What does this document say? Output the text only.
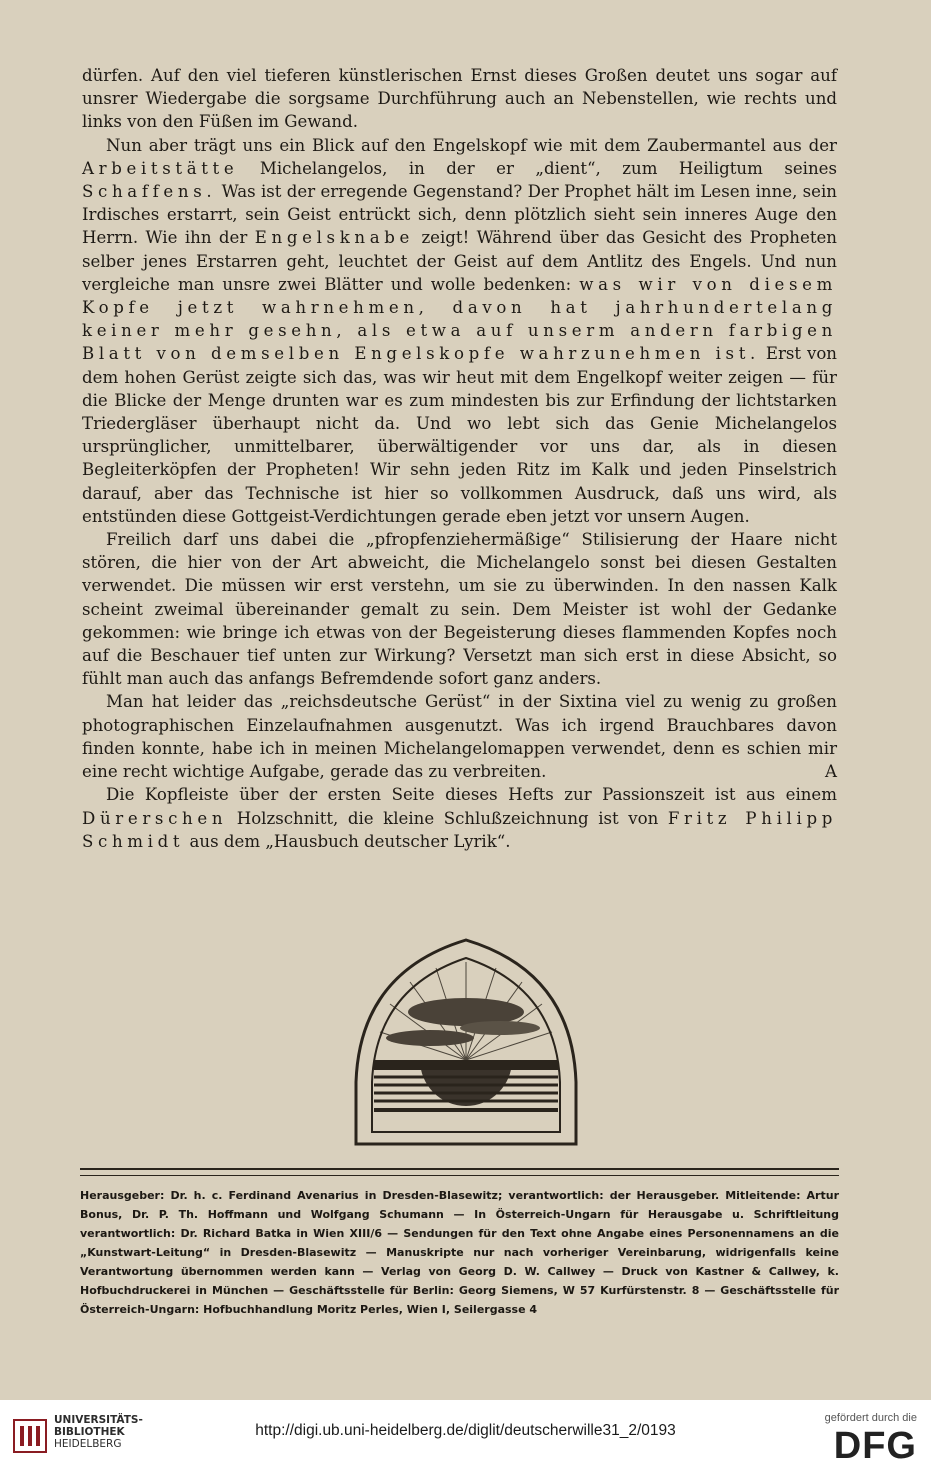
dürfen. Auf den viel tieferen künstlerischen Ernst dieses Großen deutet uns sogar auf unsrer Wiedergabe die sorgsame Durchführung auch an Nebenstellen, wie rechts und links von den Füßen im Gewand.

Nun aber trägt uns ein Blick auf den Engelskopf wie mit dem Zaubermantel aus der Arbeitstätte Michelangelos, in der er „dient“, zum Heiligtum seines Schaffens. Was ist der erregende Gegenstand? Der Prophet hält im Lesen inne, sein Irdisches erstarrt, sein Geist entrückt sich, denn plötzlich sieht sein inneres Auge den Herrn. Wie ihn der Engelsknabe zeigt! Während über das Gesicht des Propheten selber jenes Erstarren geht, leuchtet der Geist auf dem Antlitz des Engels. Und nun vergleiche man unsre zwei Blätter und wolle bedenken: was wir von diesem Kopfe jetzt wahrnehmen, davon hat jahrhundertelang keiner mehr gesehn, als etwa auf unserm andern farbigen Blatt von demselben Engelskopfe wahrzunehmen ist. Erst von dem hohen Gerüst zeigte sich das, was wir heut mit dem Engelkopf weiter zeigen — für die Blicke der Menge drunten war es zum mindesten bis zur Erfindung der lichtstarken Triedergläser überhaupt nicht da. Und wo lebt sich das Genie Michelangelos ursprünglicher, unmittelbarer, überwältigender vor uns dar, als in diesen Begleiterköpfen der Propheten! Wir sehn jeden Ritz im Kalk und jeden Pinselstrich darauf, aber das Technische ist hier so vollkommen Ausdruck, daß uns wird, als entstünden diese Gottgeist-Verdichtungen gerade eben jetzt vor unsern Augen.

Freilich darf uns dabei die „pfropfenziehermäßige“ Stilisierung der Haare nicht stören, die hier von der Art abweicht, die Michelangelo sonst bei diesen Gestalten verwendet. Die müssen wir erst verstehn, um sie zu überwinden. In den nassen Kalk scheint zweimal übereinander gemalt zu sein. Dem Meister ist wohl der Gedanke gekommen: wie bringe ich etwas von der Begeisterung dieses flammenden Kopfes noch auf die Beschauer tief unten zur Wirkung? Versetzt man sich erst in diese Absicht, so fühlt man auch das anfangs Befremdende sofort ganz anders.

Man hat leider das „reichsdeutsche Gerüst“ in der Sixtina viel zu wenig zu großen photographischen Einzelaufnahmen ausgenutzt. Was ich irgend Brauchbares davon finden konnte, habe ich in meinen Michelangelomappen verwendet, denn es schien mir eine recht wichtige Aufgabe, gerade das zu verbreiten.	A

Die Kopfleiste über der ersten Seite dieses Hefts zur Passionszeit ist aus einem Dürerschen Holzschnitt, die kleine Schlußzeichnung ist von Fritz Philipp Schmidt aus dem „Hausbuch deutscher Lyrik“.

Herausgeber: Dr. h. c. Ferdinand Avenarius in Dresden-Blasewitz; verantwortlich: der Herausgeber. Mitleitende: Artur Bonus, Dr. P. Th. Hoffmann und Wolfgang Schumann — In Österreich-Ungarn für Herausgabe u. Schriftleitung verantwortlich: Dr. Richard Batka in Wien XIII/6 — Sendungen für den Text ohne Angabe eines Personennamens an die „Kunstwart-Leitung“ in Dresden-Blasewitz — Manuskripte nur nach vorheriger Vereinbarung, widrigenfalls keine Verantwortung übernommen werden kann — Verlag von Georg D. W. Callwey — Druck von Kastner & Callwey, k. Hofbuchdruckerei in München — Geschäftsstelle für Berlin: Georg Siemens, W 57 Kurfürstenstr. 8 — Geschäftsstelle für Österreich-Ungarn: Hofbuchhandlung Moritz Perles, Wien I, Seilergasse 4

UNIVERSITÄTS-
BIBLIOTHEK
HEIDELBERG
http://digi.ub.uni-heidelberg.de/diglit/deutscherwille31_2/0193
gefördert durch die
DFG
